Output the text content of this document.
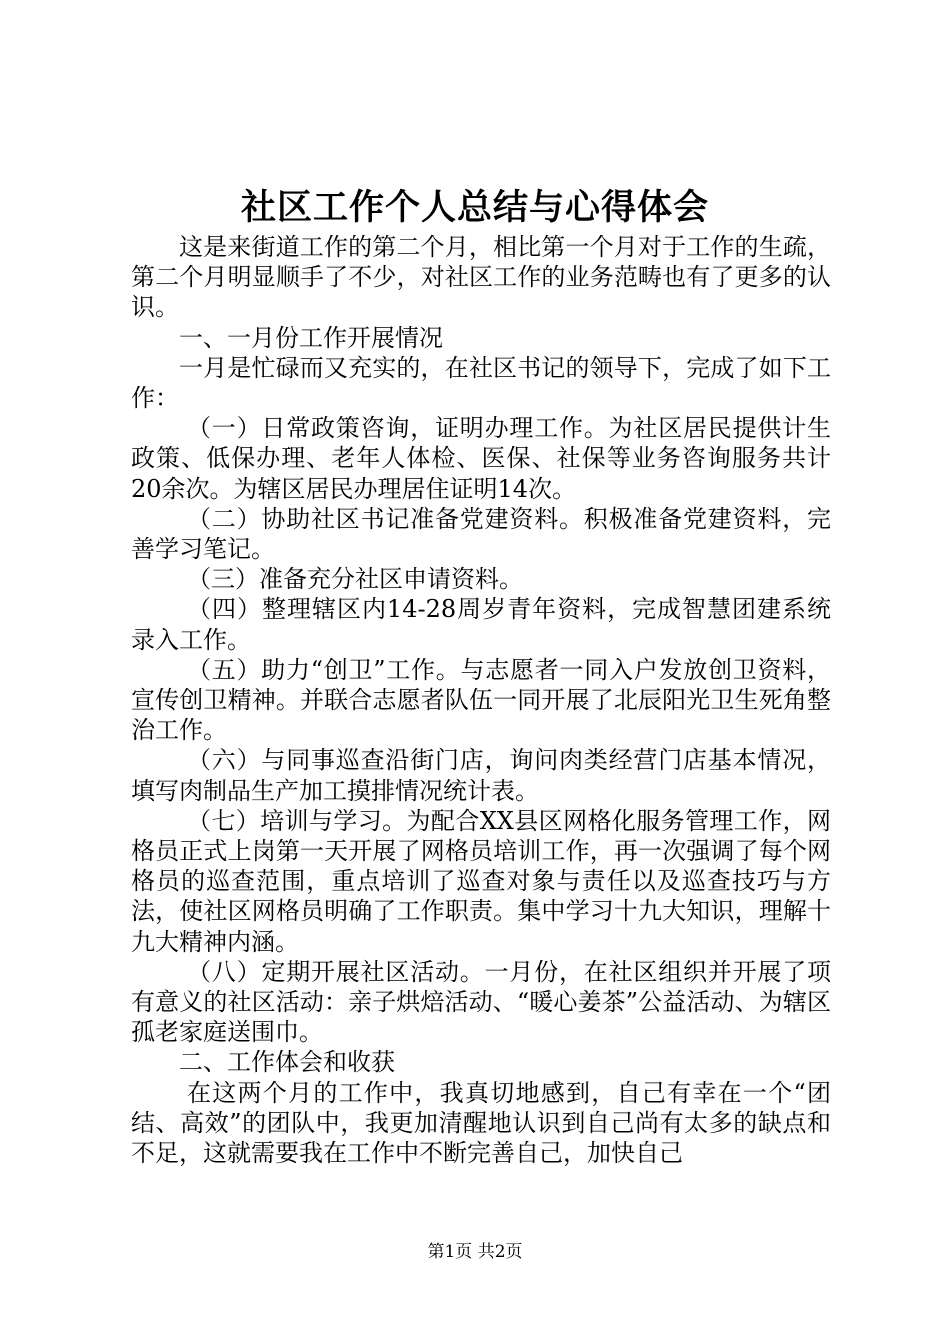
社区工作个人总结与心得体会

这是来街道工作的第二个月，相比第一个月对于工作的生疏，第二个月明显顺手了不少，对社区工作的业务范畴也有了更多的认识。

一、一月份工作开展情况

一月是忙碌而又充实的，在社区书记的领导下，完成了如下工作：

（一）日常政策咨询，证明办理工作。为社区居民提供计生政策、低保办理、老年人体检、医保、社保等业务咨询服务共计20余次。为辖区居民办理居住证明14次。

（二）协助社区书记准备党建资料。积极准备党建资料，完善学习笔记。

（三）准备充分社区申请资料。

（四）整理辖区内14-28周岁青年资料，完成智慧团建系统录入工作。

（五）助力“创卫”工作。与志愿者一同入户发放创卫资料，宣传创卫精神。并联合志愿者队伍一同开展了北辰阳光卫生死角整治工作。

（六）与同事巡查沿街门店，询问肉类经营门店基本情况，填写肉制品生产加工摸排情况统计表。

（七）培训与学习。为配合XX县区网格化服务管理工作，网格员正式上岗第一天开展了网格员培训工作，再一次强调了每个网格员的巡查范围，重点培训了巡查对象与责任以及巡查技巧与方法，使社区网格员明确了工作职责。集中学习十九大知识，理解十九大精神内涵。

（八）定期开展社区活动。一月份，在社区组织并开展了项有意义的社区活动：亲子烘焙活动、“暖心姜茶”公益活动、为辖区孤老家庭送围巾。

二、工作体会和收获

在这两个月的工作中，我真切地感到，自己有幸在一个“团结、高效”的团队中，我更加清醒地认识到自己尚有太多的缺点和不足，这就需要我在工作中不断完善自己，加快自己

第1页 共2页
